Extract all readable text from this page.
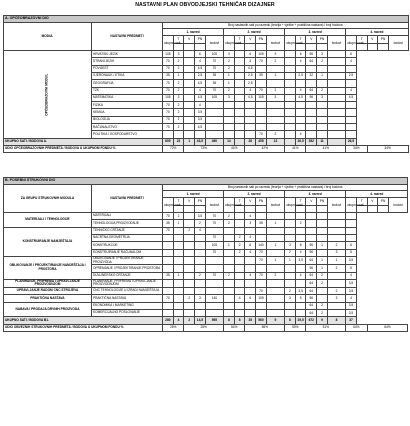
NASTAVNI PLAN OBVODJEJSKI TEHNIČAR DIZAJNER
A. OPĆEOBRAZOVNI DIO																					
MODUL	NASTAVNI PREDMETI	Broj nastavnih sati po razredu (teorija + vježbe + praktična nastava) i broj bodova																			
		1. razred					2. razred					3. razred					4. razred				
		ukupno sati	T	V	PN	bodovi	ukupno sati	T	V	PN	bodovi	ukupno sati	T	V	PN	bodovi	ukupno sati	T	V	PN	bodovi

OPĆEOBRAZOVNI MODUL	HRVATSKI JEZIK	105	3		6	105	3		6	105	3		6	96	3		6				
	STRANI JEZIK	70	2		4	70	2		4	70	2		4	64	2		4				
	POVIJEST	70	2		4,5	70	2		4,5												
	VJERONAUK / ETIKA	35	1		2,5	35	1		2,5	35	1		2,5	32	1		2,5				
	GEOGRAFIJA	70	2		4,5	35	1		2,5												
	TZK	70	2		4	70	2		4	70	2		4	64	2		4				
	MATEMATIKA	105	3		4,5	105	3		4,5	105	3		4,5	96	3		4,5				
	FIZIKA	70	2		4																
	KEMIJA	70	2		3,5																
	BIOLOGIJA	70	2		3,5																
	RAČUNALSTVO	70	2		4,5																
	POLITIKA I GOSPODARSTVO									70	2		4								
UKUPNO SATI / BODOVA A.		805	23	1	43,5	490	14		28	455	13		26,5	352	11		26,5				
UDIO OPĆEOBRAZOVNIH PREDMETA / BODOVA U UKUPNOM FONDU %		72%		73%			44%		42%			41%		41%			34%		34%		
B. POSEBNI STRUKOVNI DIO																					
ZA GRUPU STRUKOVNIH MODULA	NASTAVNI PREDMETI	Broj nastavnih sati po razredu (teorija + vježbe + praktična nastava) i broj bodova																			
		1. razred					2. razred					3. razred					4. razred				
		ukupno sati	T	V	PN	bodovi	ukupno sati	T	V	PN	bodovi	ukupno sati	T	V	PN	bodovi	ukupno sati	T	V	PN	bodovi

MATERIJALI I TEHNOLOGIJE	MATERIJALI	70	2		3,5	70	2		4												
	TEHNOLOGIJA PROIZVODNJE	35	1		2	70	2		3	35	1		2								
KONSTRUIRANJE NAMJEŠTAJA	TEHNIČKO CRTANJE	70		2	4																
	NACRTNA GEOMETRIJA					70		2	4												
	KONSTRUKCIJE					105	1	2	6	140	1	3	8	96	1	2	6				
	KONSTRUIRANJE RAČUNALOM					70		2	4	70		2	4	96		3	5				
OBLIKOVANJE I PROJEKTIRANJE NAMJEŠTAJA I PROSTORA	OBLIKOVANJE I PROJEKTIRANJE PROIZVODA									70	1	1	3,5	64	1	1	3,5				
	OPREMANJE I PROJEKTIRANJE PROSTORA													96	1	2	5				
	DIZAJNERSKO CRTANJE	35	1		2	70	2		4	70	2		4	64	2		4				
PLANIRANJE, PRIPREMA I UPRAVLJANJE PROIZVODNJOM	PLANIRANJE, PRIPREMA I UPRAVLJANJE PROIZVODNJOM													64	2		3,5				
UPRAVLJANJE RADOM CNC STROJEVA	CNC TEHNOLOGIJE U IZRADI NAMJEŠTAJA									70		2	3,5	64		2	3,5				
PRAKTIČNA NASTAVA	PRAKTIČNA NASTAVA	70		2	3	140		4	6	105		3	5	96		3	4				
NABAVA I PRODAJA DRVNIH PROIZVODA	EKONOMIKA I MARKETING													64	2		3,5				
	KOMERCIJALNO POSLOVANJE													64	2		3,5				
UKUPNO SATI / BODOVA B1.		280	4	2	14,5	595	8	8	35	560	5	8	29,5	672	9	8	37				
UDIO OBVEZNIH STRUKOVNIH PREDMETA / BODOVA U UKUPNOM FONDU %		25%		25%			54%		56%			50%		51%			64%		64%		
